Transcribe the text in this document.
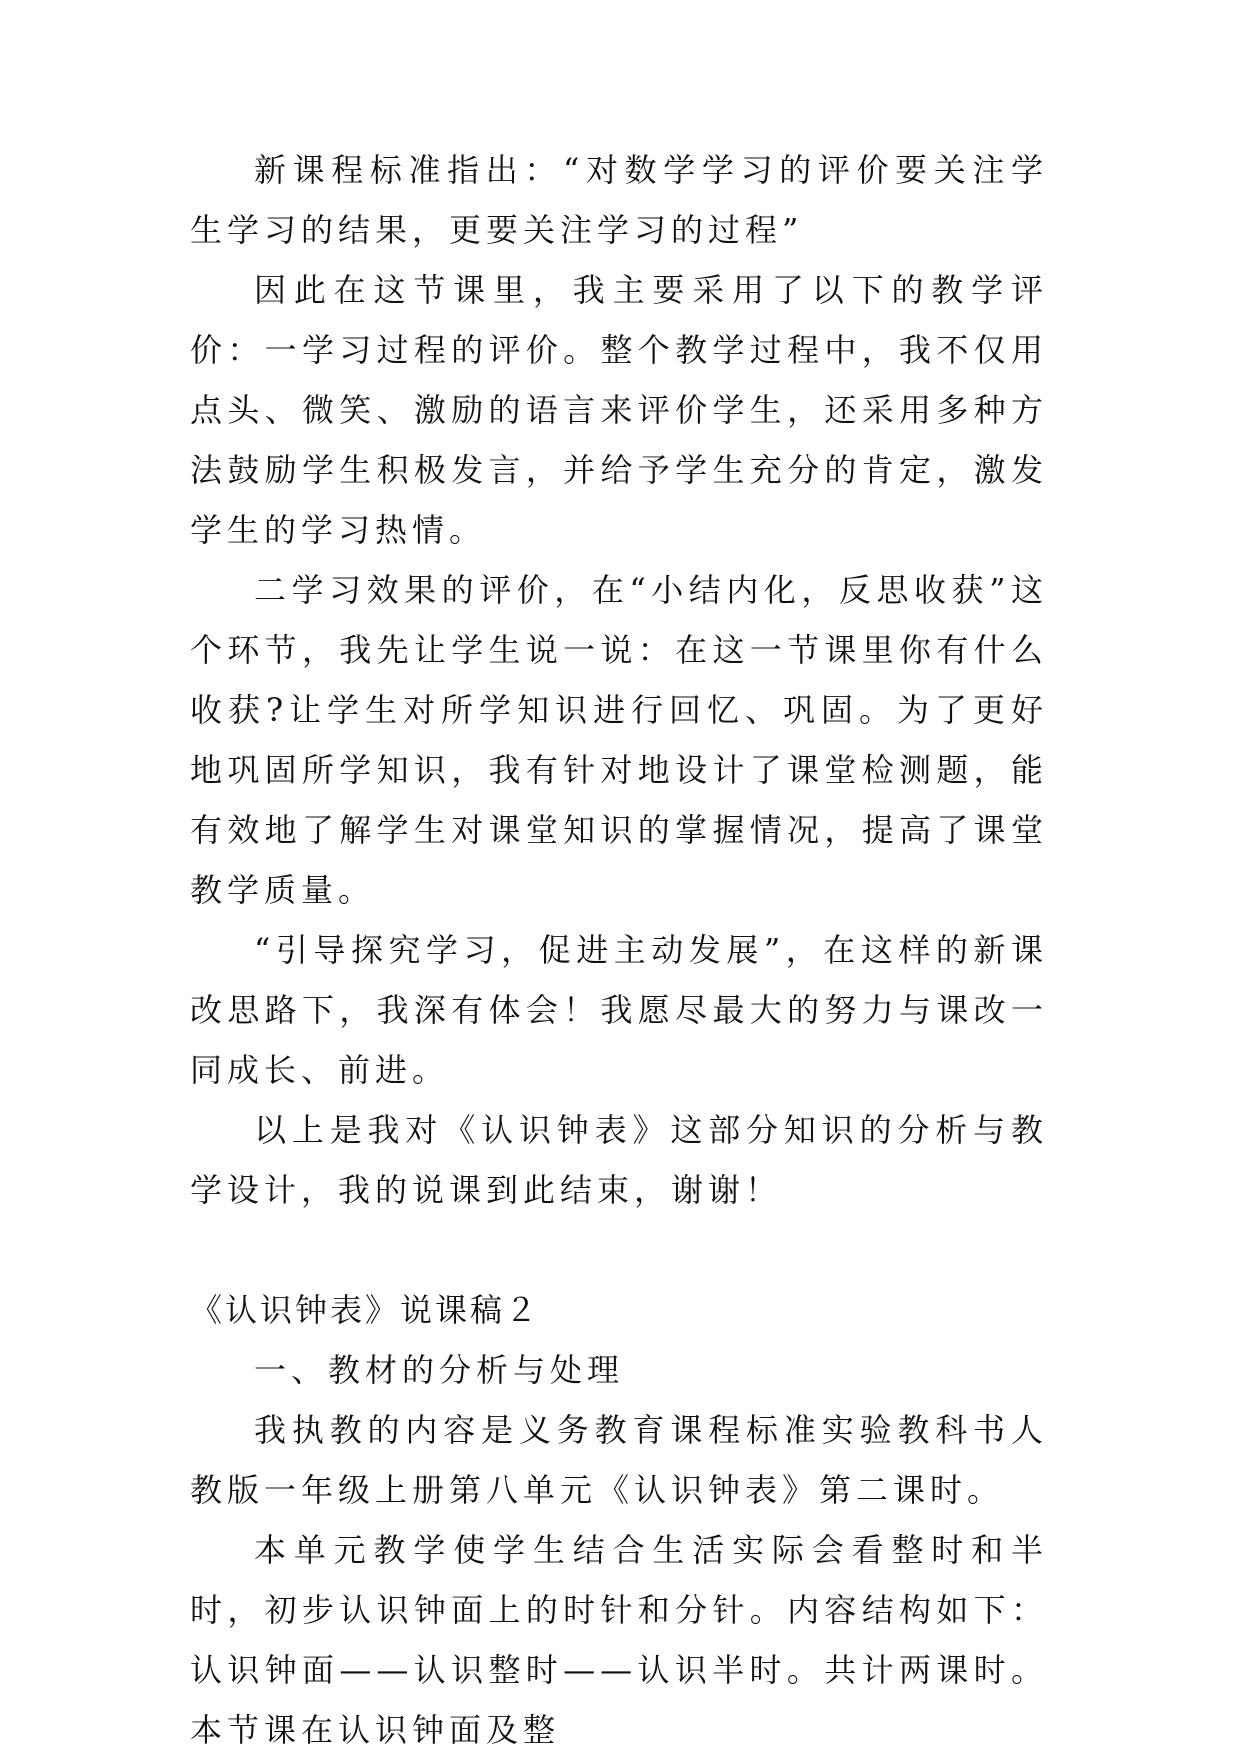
新课程标准指出：“对数学学习的评价要关注学生学习的结果，更要关注学习的过程”

因此在这节课里，我主要采用了以下的教学评价：一学习过程的评价。整个教学过程中，我不仅用点头、微笑、激励的语言来评价学生，还采用多种方法鼓励学生积极发言，并给予学生充分的肯定，激发学生的学习热情。

二学习效果的评价，在“小结内化，反思收获”这个环节，我先让学生说一说：在这一节课里你有什么收获?让学生对所学知识进行回忆、巩固。为了更好地巩固所学知识，我有针对地设计了课堂检测题，能有效地了解学生对课堂知识的掌握情况，提高了课堂教学质量。

“引导探究学习，促进主动发展”，在这样的新课改思路下，我深有体会！我愿尽最大的努力与课改一同成长、前进。

以上是我对《认识钟表》这部分知识的分析与教学设计，我的说课到此结束，谢谢！

《认识钟表》说课稿２

一、教材的分析与处理

我执教的内容是义务教育课程标准实验教科书人教版一年级上册第八单元《认识钟表》第二课时。

本单元教学使学生结合生活实际会看整时和半时，初步认识钟面上的时针和分针。内容结构如下：认识钟面——认识整时——认识半时。共计两课时。本节课在认识钟面及整
